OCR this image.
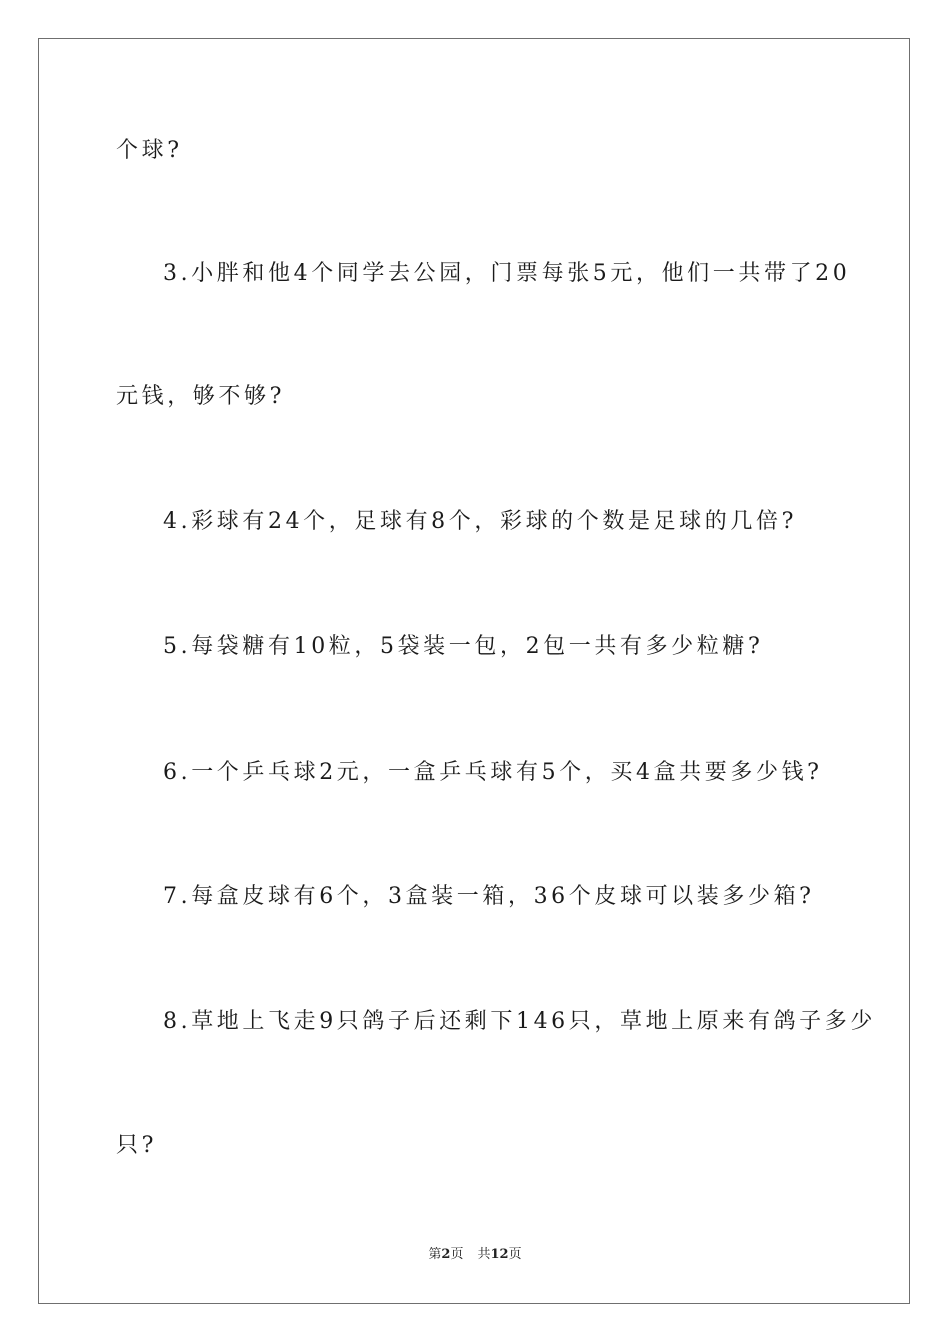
个球?
3.小胖和他4个同学去公园，门票每张5元，他们一共带了20
元钱，够不够?
4.彩球有24个，足球有8个，彩球的个数是足球的几倍?
5.每袋糖有10粒，5袋装一包，2包一共有多少粒糖?
6.一个乒乓球2元，一盒乒乓球有5个，买4盒共要多少钱?
7.每盒皮球有6个，3盒装一箱，36个皮球可以装多少箱?
8.草地上飞走9只鸽子后还剩下146只，草地上原来有鸽子多少
只?
第2页 共12页
